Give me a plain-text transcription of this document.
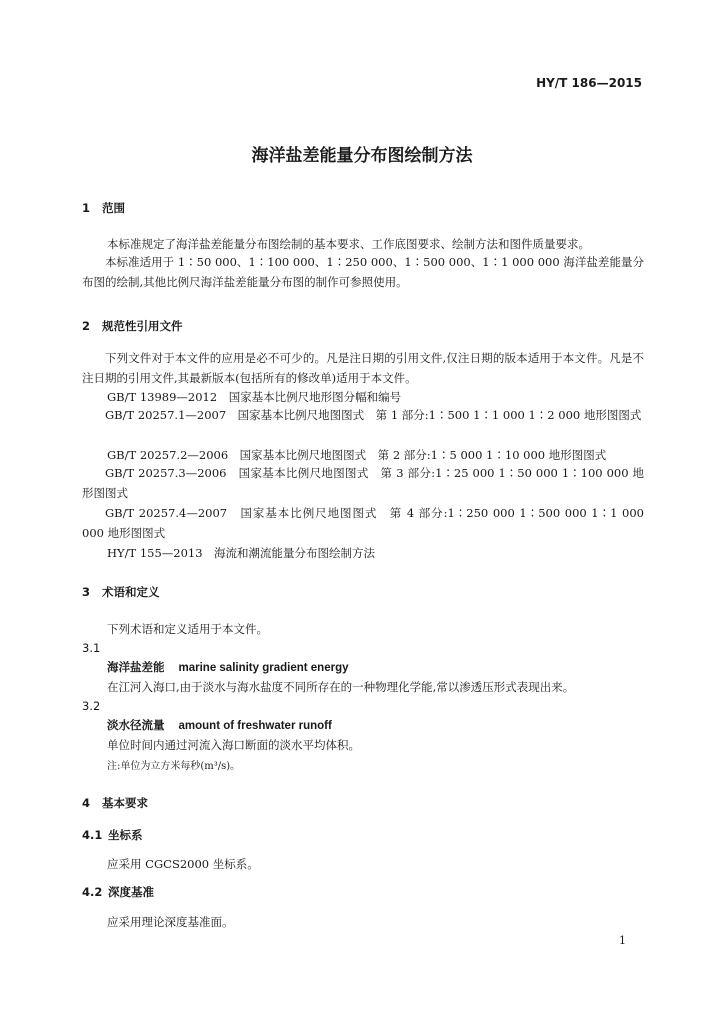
HY/T 186—2015
海洋盐差能量分布图绘制方法
1 范围
本标准规定了海洋盐差能量分布图绘制的基本要求、工作底图要求、绘制方法和图件质量要求。
本标准适用于 1∶50 000、1∶100 000、1∶250 000、1∶500 000、1∶1 000 000 海洋盐差能量分布图的绘制,其他比例尺海洋盐差能量分布图的制作可参照使用。
2 规范性引用文件
下列文件对于本文件的应用是必不可少的。凡是注日期的引用文件,仅注日期的版本适用于本文件。凡是不注日期的引用文件,其最新版本(包括所有的修改单)适用于本文件。
GB/T 13989—2012　国家基本比例尺地形图分幅和编号
GB/T 20257.1—2007　国家基本比例尺地图图式　第 1 部分:1∶500 1∶1 000 1∶2 000 地形图图式
GB/T 20257.2—2006　国家基本比例尺地图图式　第 2 部分:1∶5 000 1∶10 000 地形图图式
GB/T 20257.3—2006　国家基本比例尺地图图式　第 3 部分:1∶25 000 1∶50 000 1∶100 000 地形图图式
GB/T 20257.4—2007　国家基本比例尺地图图式　第 4 部分:1∶250 000 1∶500 000 1∶1 000 000 地形图图式
HY/T 155—2013　海流和潮流能量分布图绘制方法
3 术语和定义
下列术语和定义适用于本文件。
3.1
海洋盐差能 marine salinity gradient energy
在江河入海口,由于淡水与海水盐度不同所存在的一种物理化学能,常以渗透压形式表现出来。
3.2
淡水径流量 amount of freshwater runoff
单位时间内通过河流入海口断面的淡水平均体积。
注:单位为立方米每秒(m³/s)。
4 基本要求
4.1 坐标系
应采用 CGCS2000 坐标系。
4.2 深度基准
应采用理论深度基准面。
1
